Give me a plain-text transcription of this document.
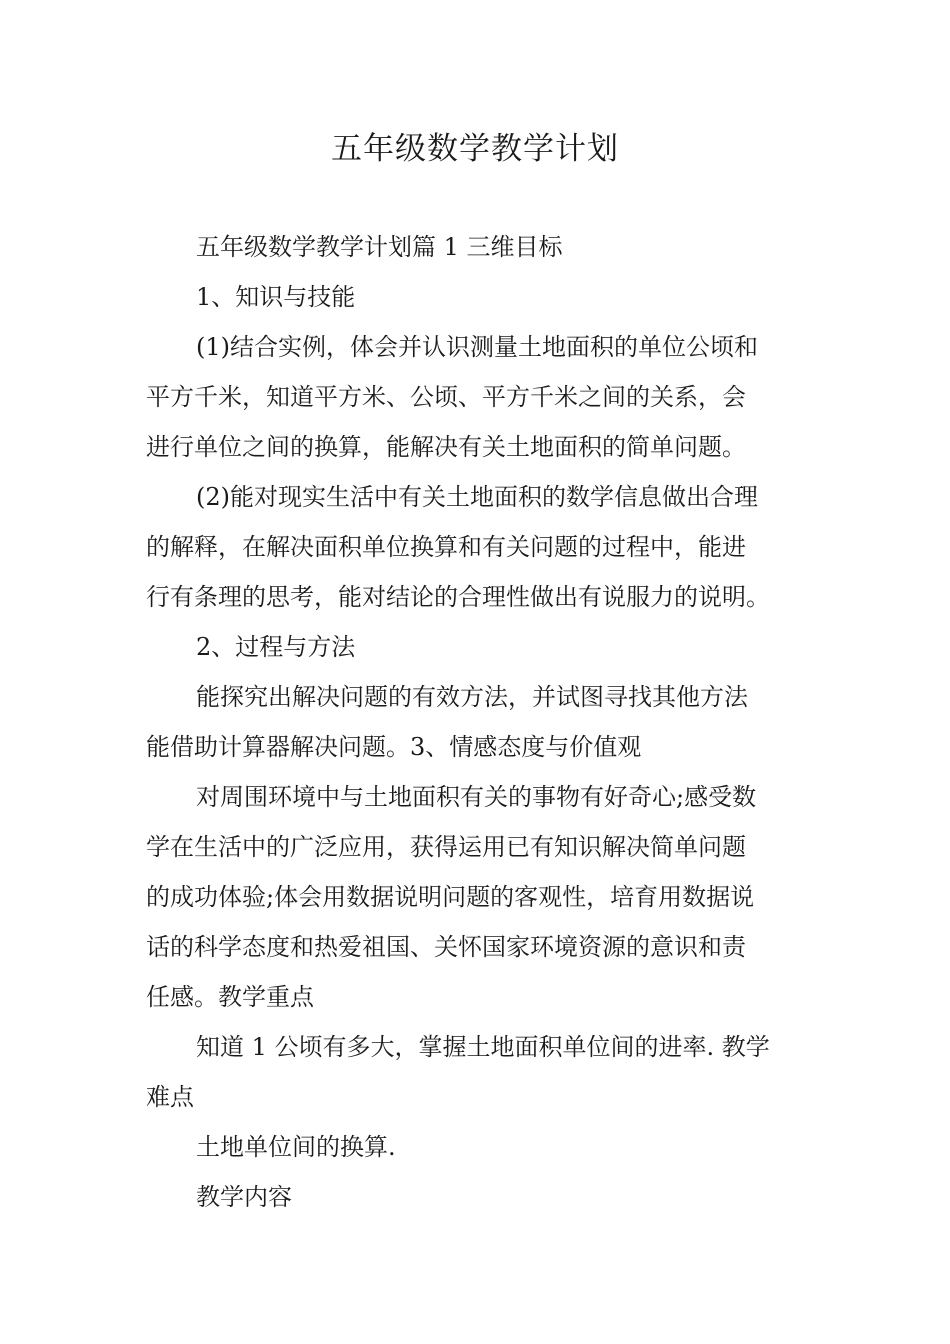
五年级数学教学计划

五年级数学教学计划篇 1 三维目标

1、知识与技能

(1)结合实例，体会并认识测量土地面积的单位公顷和

平方千米，知道平方米、公顷、平方千米之间的关系，会

进行单位之间的换算，能解决有关土地面积的简单问题。

(2)能对现实生活中有关土地面积的数学信息做出合理

的解释，在解决面积单位换算和有关问题的过程中，能进

行有条理的思考，能对结论的合理性做出有说服力的说明。

2、过程与方法

能探究出解决问题的有效方法，并试图寻找其他方法

能借助计算器解决问题。3、情感态度与价值观

对周围环境中与土地面积有关的事物有好奇心;感受数

学在生活中的广泛应用，获得运用已有知识解决简单问题

的成功体验;体会用数据说明问题的客观性，培育用数据说

话的科学态度和热爱祖国、关怀国家环境资源的意识和责

任感。教学重点

知道 1 公顷有多大，掌握土地面积单位间的进率. 教学

难点

土地单位间的换算.

教学内容
